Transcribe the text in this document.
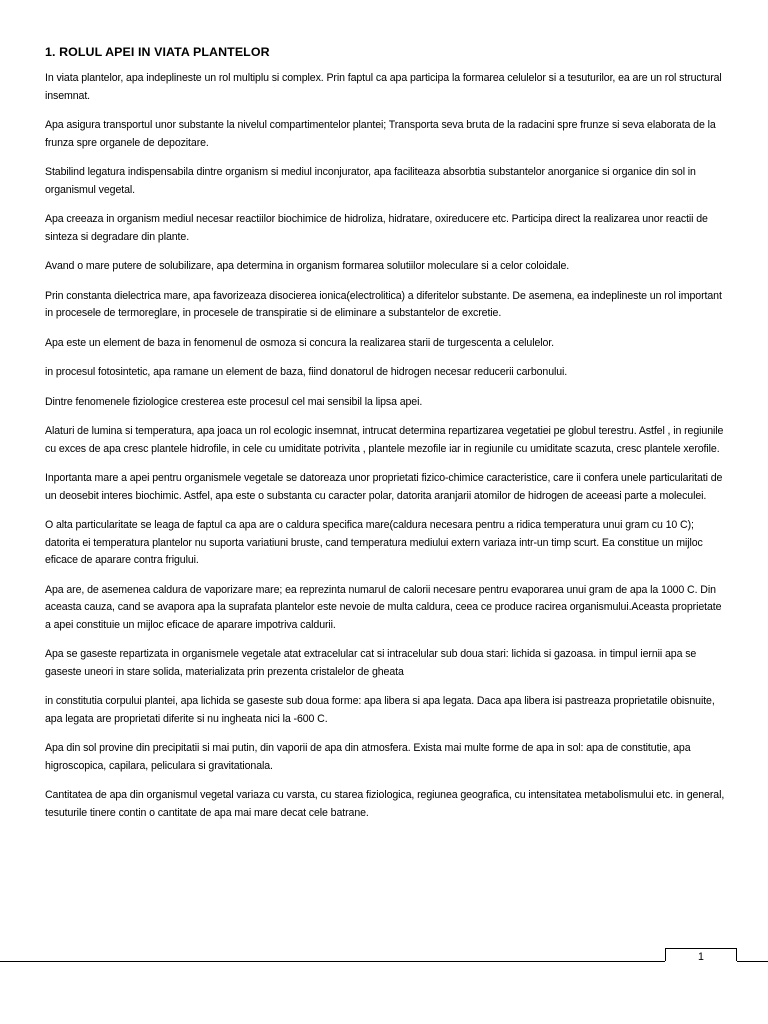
1. ROLUL APEI IN VIATA PLANTELOR

In viata plantelor, apa indeplineste un rol multiplu si complex. Prin faptul ca apa participa la formarea celulelor si a tesuturilor, ea are un rol structural insemnat.

Apa asigura transportul unor substante la nivelul compartimentelor plantei; Transporta seva bruta de la radacini spre frunze si seva elaborata de la frunza spre organele de depozitare.

Stabilind legatura indispensabila dintre organism si mediul inconjurator, apa faciliteaza absorbtia substantelor anorganice si organice din sol in organismul vegetal.

Apa creeaza in organism mediul necesar reactiilor biochimice de hidroliza, hidratare, oxireducere etc. Participa direct la realizarea unor reactii de sinteza si degradare din plante.

Avand o mare putere de solubilizare, apa determina in organism formarea solutiilor moleculare si a celor coloidale.

Prin constanta dielectrica mare, apa favorizeaza disocierea ionica(electrolitica) a diferitelor substante. De asemena, ea indeplineste un rol important in procesele de termoreglare, in procesele de transpiratie si de eliminare a substantelor de excretie.

Apa este un element de baza in fenomenul de osmoza si concura la realizarea starii de turgescenta a celulelor.

in procesul fotosintetic, apa ramane un element de baza, fiind donatorul de hidrogen necesar reducerii carbonului.

Dintre fenomenele fiziologice cresterea este procesul cel mai sensibil la lipsa apei.

Alaturi de lumina si temperatura, apa joaca un rol ecologic insemnat, intrucat determina repartizarea vegetatiei pe globul terestru. Astfel , in regiunile cu exces de apa cresc plantele hidrofile, in cele cu umiditate potrivita , plantele mezofile iar in regiunile cu umiditate scazuta, cresc plantele xerofile.

Inportanta mare a apei pentru organismele vegetale se datoreaza unor proprietati fizico-chimice caracteristice, care ii confera unele particularitati de un deosebit interes biochimic. Astfel, apa este o substanta cu caracter polar, datorita aranjarii atomilor de hidrogen de aceeasi parte a moleculei.

O alta particularitate se leaga de faptul ca apa are o caldura specifica mare(caldura necesara pentru a ridica temperatura unui gram cu 10 C); datorita ei temperatura plantelor nu suporta variatiuni bruste, cand temperatura mediului extern variaza intr-un timp scurt. Ea constitue un mijloc eficace de aparare contra frigului.

Apa are, de asemenea caldura de vaporizare mare; ea reprezinta numarul de calorii necesare pentru evaporarea unui gram de apa la 1000 C. Din aceasta cauza, cand se avapora apa la suprafata plantelor este nevoie de multa caldura, ceea ce produce racirea organismului.Aceasta proprietate a apei constituie un mijloc eficace de aparare impotriva caldurii.

Apa se gaseste repartizata in organismele vegetale atat extracelular cat si intracelular sub doua stari: lichida si gazoasa. in timpul iernii apa se gaseste uneori in stare solida, materializata prin prezenta cristalelor de gheata

in constitutia corpului plantei, apa lichida se gaseste sub doua forme: apa libera si apa legata. Daca apa libera isi pastreaza proprietatile obisnuite, apa legata are proprietati diferite si nu ingheata nici la -600 C.

Apa din sol provine din precipitatii si mai putin, din vaporii de apa din atmosfera. Exista mai multe forme de apa in sol: apa de constitutie, apa higroscopica, capilara, peliculara si gravitationala.

Cantitatea de apa din organismul vegetal variaza cu varsta, cu starea fiziologica, regiunea geografica, cu intensitatea metabolismului etc. in general, tesuturile tinere contin o cantitate de apa mai mare decat cele batrane.

1
